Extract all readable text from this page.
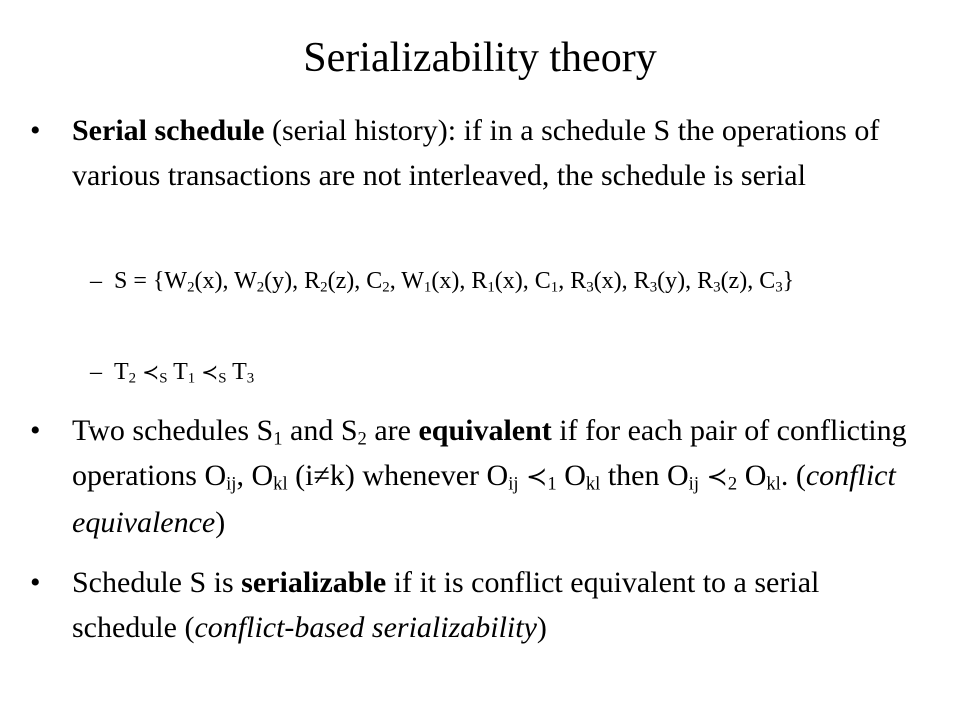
Serializability theory
• Serial schedule (serial history): if in a schedule S the operations of various transactions are not interleaved, the schedule is serial
– $S = \{W_2(x)$, $W_2(y)$, $R_2(z)$, $C_2$, $W_1(x)$, $R_1(x)$, $C_1$, $R_3(x)$, $R_3(y)$, $R_3(z)$, $C_3$}
– $T_2$ $≺_S$ $T_1$ $≺_S$ $T_3$
• Two schedules $S_1$ and $S_2$ are equivalent if for each pair of conflicting operations $O_{ij}$, $O_{kl}$ (i≠k) whenever $O_{ij}$ $≺_1$ $O_{kl}$ then $O_{ij}$ $≺_2$ $O_{kl}$. (conflict equivalence)
• Schedule S is serializable if it is conflict equivalent to a serial schedule (conflict-based serializability)
